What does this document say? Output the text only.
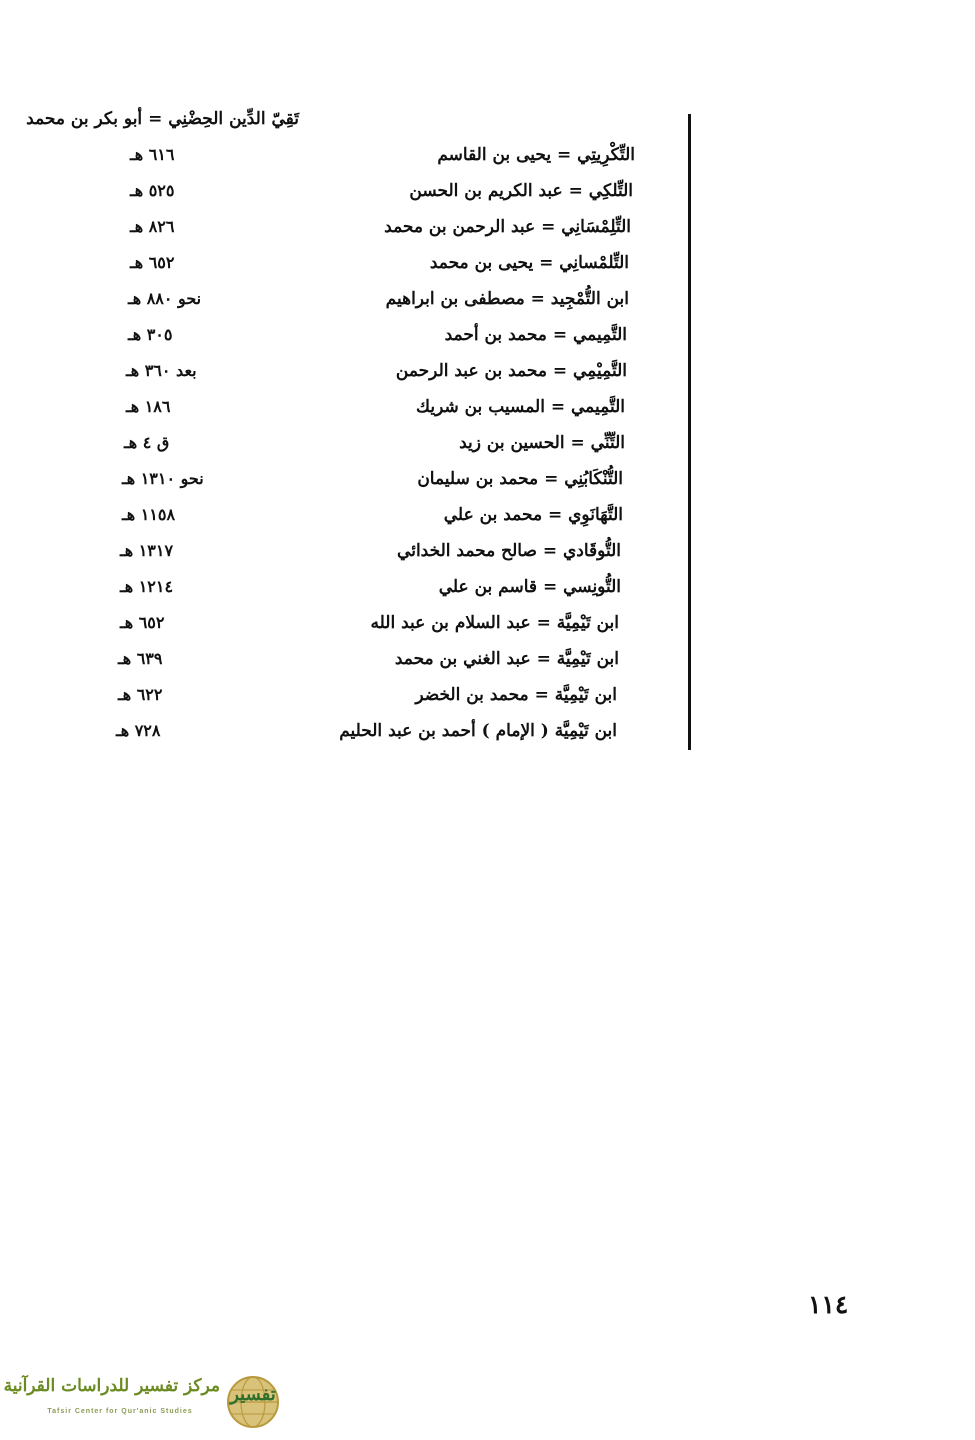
تَقِيّ الدِّين الحِضْنِي = أبو بكر بن محمد
التِّكْرِيتِي = يحيى بن القاسم
٦١٦ هـ
التِّلكِي = عبد الكريم بن الحسن
٥٢٥ هـ
التِّلِمْسَانِي = عبد الرحمن بن محمد
٨٢٦ هـ
التِّلمْسانِي = يحيى بن محمد
٦٥٢ هـ
ابن التُّمْجِيد = مصطفى بن ابراهيم
نحو ٨٨٠ هـ
التَّمِيمي = محمد بن أحمد
٣٠٥ هـ
التَّمِيْمِي = محمد بن عبد الرحمن
بعد ٣٦٠ هـ
التَّمِيمي = المسيب بن شريك
١٨٦ هـ
التِّنِّي = الحسين بن زيد
ق ٤ هـ
التُّنْكَابُنِي = محمد بن سليمان
نحو ١٣١٠ هـ
التَّهَانَوِي = محمد بن علي
١١٥٨ هـ
التُّوقَادي = صالح محمد الخدائي
١٣١٧ هـ
التُّونِسي = قاسم بن علي
١٢١٤ هـ
ابن تَيْمِيَّة = عبد السلام بن عبد الله
٦٥٢ هـ
ابن تَيْمِيَّة = عبد الغني بن محمد
٦٣٩ هـ
ابن تَيْمِيَّة = محمد بن الخضر
٦٢٢ هـ
ابن تَيْمِيَّة ( الإمام ) أحمد بن عبد الحليم
٧٢٨ هـ
١١٤
مركز تفسير للدراسات القرآنية
Tafsir Center for Qur'anic Studies
تفسير
